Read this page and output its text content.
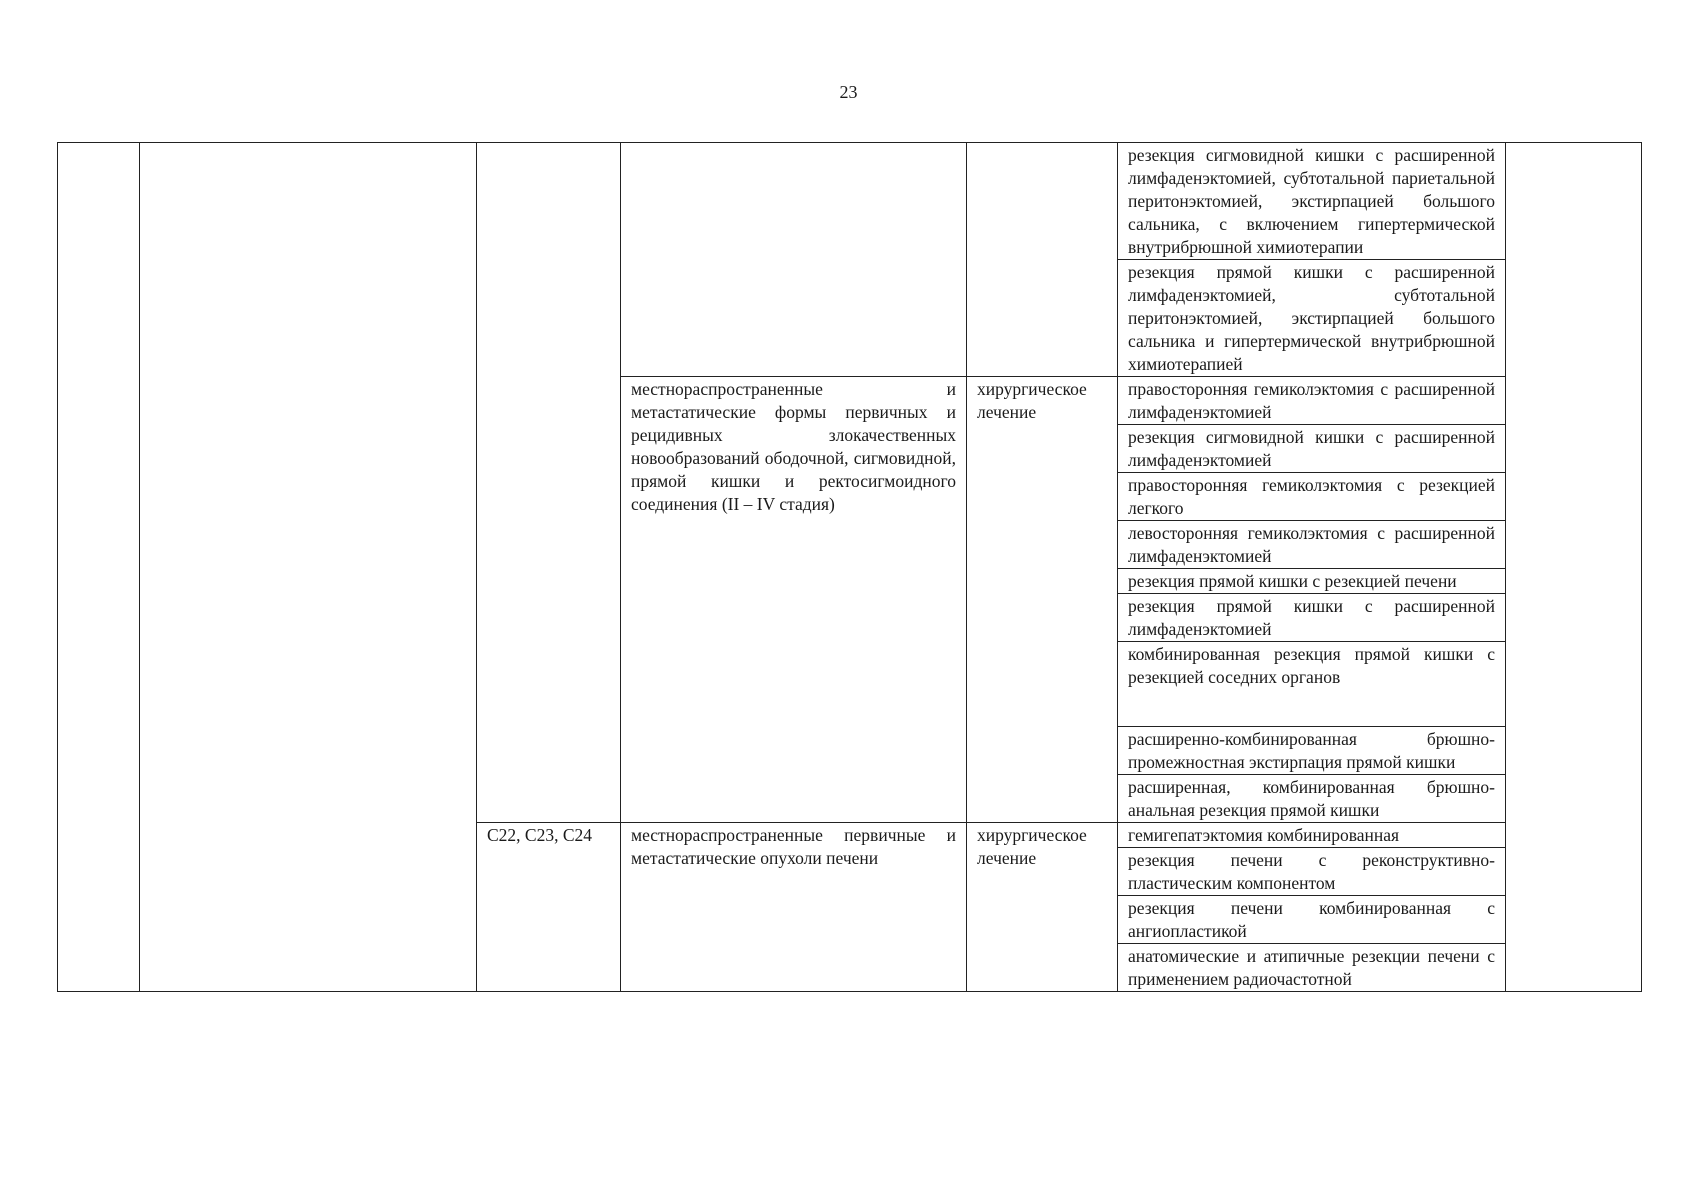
23
					резекция сигмовидной кишки с расширенной лимфаденэктомией, субтотальной париетальной перитонэктомией, экстирпацией большого сальника, с включением гипертермической внутрибрюшной химиотерапии	
					резекция прямой кишки с расширенной лимфаденэктомией, субтотальной перитонэктомией, экстирпацией большого сальника и гипертермической внутрибрюшной химиотерапией	
			местнораспространенные и метастатические формы первичных и рецидивных злокачественных новообразований ободочной, сигмовидной, прямой кишки и ректосигмоидного соединения (II – IV стадия)	хирургическое лечение	правосторонняя гемиколэктомия с расширенной лимфаденэктомией	
					резекция сигмовидной кишки с расширенной лимфаденэктомией	
					правосторонняя гемиколэктомия с резекцией легкого	
					левосторонняя гемиколэктомия с расширенной лимфаденэктомией	
					резекция прямой кишки с резекцией печени	
					резекция прямой кишки с расширенной лимфаденэктомией	
					комбинированная резекция прямой кишки с резекцией соседних органов	
					расширенно-комбинированная брюшно-промежностная экстирпация прямой кишки	
					расширенная, комбинированная брюшно-анальная резекция прямой кишки	
		C22, C23, C24	местнораспространенные первичные и метастатические опухоли печени	хирургическое лечение	гемигепатэктомия комбинированная	
					резекция печени с реконструктивно-пластическим компонентом	
					резекция печени комбинированная с ангиопластикой	
					анатомические и атипичные резекции печени с применением радиочастотной	
